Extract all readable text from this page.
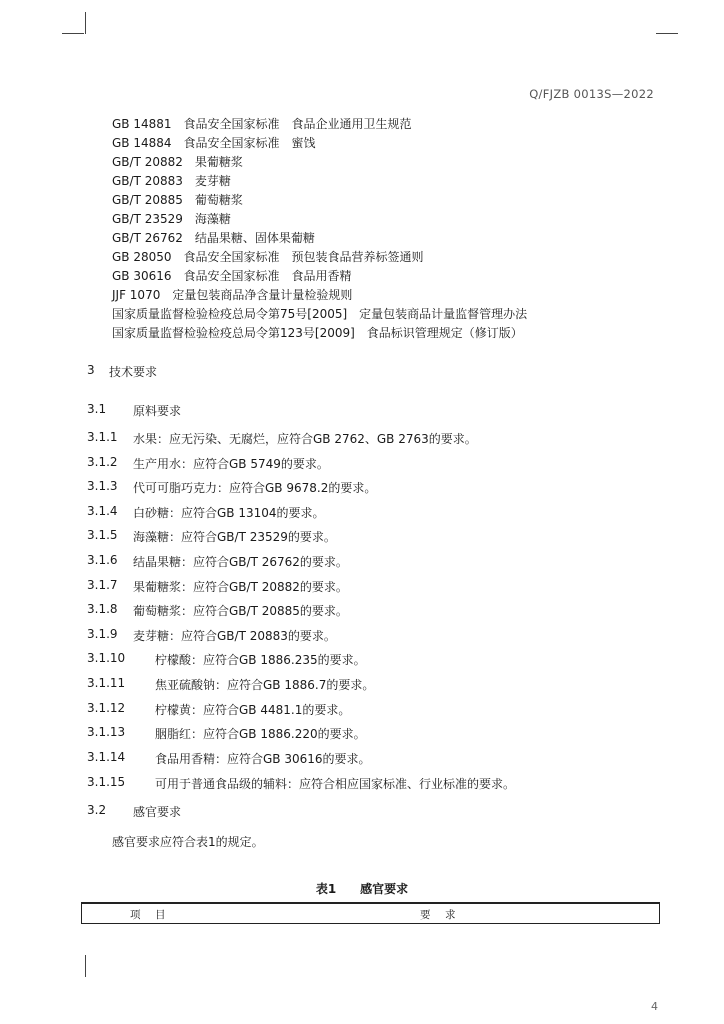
Q/FJZB 0013S—2022
GB 14881　食品安全国家标准　食品企业通用卫生规范
GB 14884　食品安全国家标准　蜜饯
GB/T 20882　果葡糖浆
GB/T 20883　麦芽糖
GB/T 20885　葡萄糖浆
GB/T 23529　海藻糖
GB/T 26762　结晶果糖、固体果葡糖
GB 28050　食品安全国家标准　预包装食品营养标签通则
GB 30616　食品安全国家标准　食品用香精
JJF 1070　定量包装商品净含量计量检验规则
国家质量监督检验检疫总局令第75号[2005]　定量包装商品计量监督管理办法
国家质量监督检验检疫总局令第123号[2009]　食品标识管理规定（修订版）
3 技术要求
3.1 原料要求
3.1.1 水果：应无污染、无腐烂，应符合GB 2762、GB 2763的要求。
3.1.2 生产用水：应符合GB 5749的要求。
3.1.3 代可可脂巧克力：应符合GB 9678.2的要求。
3.1.4 白砂糖：应符合GB 13104的要求。
3.1.5 海藻糖：应符合GB/T 23529的要求。
3.1.6 结晶果糖：应符合GB/T 26762的要求。
3.1.7 果葡糖浆：应符合GB/T 20882的要求。
3.1.8 葡萄糖浆：应符合GB/T 20885的要求。
3.1.9 麦芽糖：应符合GB/T 20883的要求。
3.1.10 柠檬酸：应符合GB 1886.235的要求。
3.1.11 焦亚硫酸钠：应符合GB 1886.7的要求。
3.1.12 柠檬黄：应符合GB 4481.1的要求。
3.1.13 胭脂红：应符合GB 1886.220的要求。
3.1.14 食品用香精：应符合GB 30616的要求。
3.1.15 可用于普通食品级的辅料：应符合相应国家标准、行业标准的要求。
3.2 感官要求
感官要求应符合表1的规定。
表1 感官要求
项　目	要　求
4
